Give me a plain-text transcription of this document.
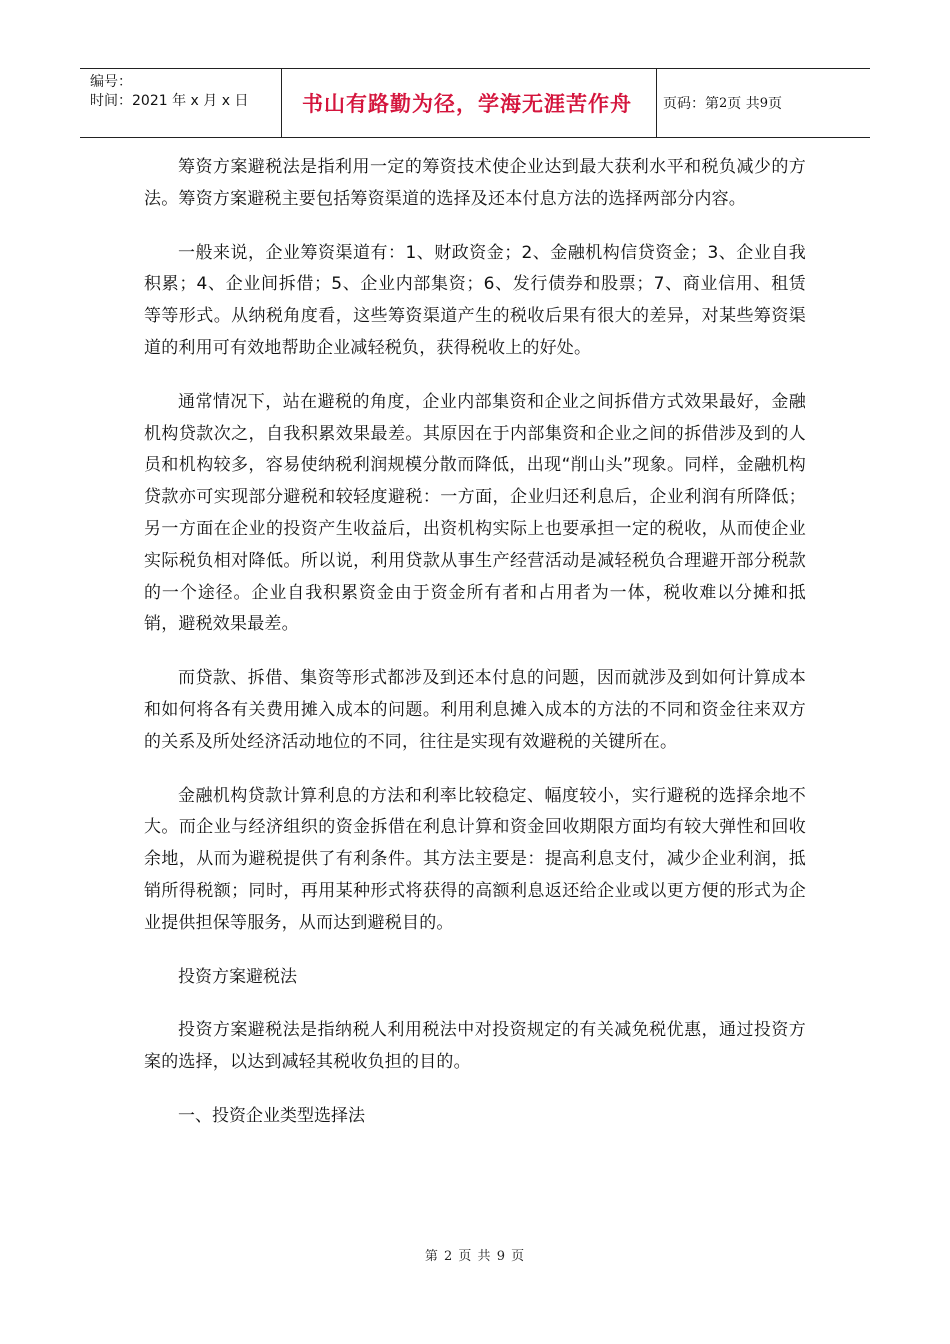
编号：
时间：2021 年 x 月 x 日	书山有路勤为径，学海无涯苦作舟 页码：第 2 页 共 9 页

筹资方案避税法是指利用一定的筹资技术使企业达到最大获利水平和税负减少的方法。筹资方案避税主要包括筹资渠道的选择及还本付息方法的选择两部分内容。

一般来说，企业筹资渠道有：1、财政资金；2、金融机构信贷资金；3、企业自我积累；4、企业间拆借；5、企业内部集资；6、发行债券和股票；7、商业信用、租赁等等形式。从纳税角度看，这些筹资渠道产生的税收后果有很大的差异，对某些筹资渠道的利用可有效地帮助企业减轻税负，获得税收上的好处。

通常情况下，站在避税的角度，企业内部集资和企业之间拆借方式效果最好，金融机构贷款次之，自我积累效果最差。其原因在于内部集资和企业之间的拆借涉及到的人员和机构较多，容易使纳税利润规模分散而降低，出现“削山头”现象。同样，金融机构贷款亦可实现部分避税和较轻度避税：一方面，企业归还利息后，企业利润有所降低；另一方面在企业的投资产生收益后，出资机构实际上也要承担一定的税收，从而使企业实际税负相对降低。所以说，利用贷款从事生产经营活动是减轻税负合理避开部分税款的一个途径。企业自我积累资金由于资金所有者和占用者为一体，税收难以分摊和抵销，避税效果最差。

而贷款、拆借、集资等形式都涉及到还本付息的问题，因而就涉及到如何计算成本和如何将各有关费用摊入成本的问题。利用利息摊入成本的方法的不同和资金往来双方的关系及所处经济活动地位的不同，往往是实现有效避税的关键所在。

金融机构贷款计算利息的方法和利率比较稳定、幅度较小，实行避税的选择余地不大。而企业与经济组织的资金拆借在利息计算和资金回收期限方面均有较大弹性和回收余地，从而为避税提供了有利条件。其方法主要是：提高利息支付，减少企业利润，抵销所得税额；同时，再用某种形式将获得的高额利息返还给企业或以更方便的形式为企业提供担保等服务，从而达到避税目的。

投资方案避税法

投资方案避税法是指纳税人利用税法中对投资规定的有关减免税优惠，通过投资方案的选择，以达到减轻其税收负担的目的。

一、投资企业类型选择法

第 2 页 共 9 页
